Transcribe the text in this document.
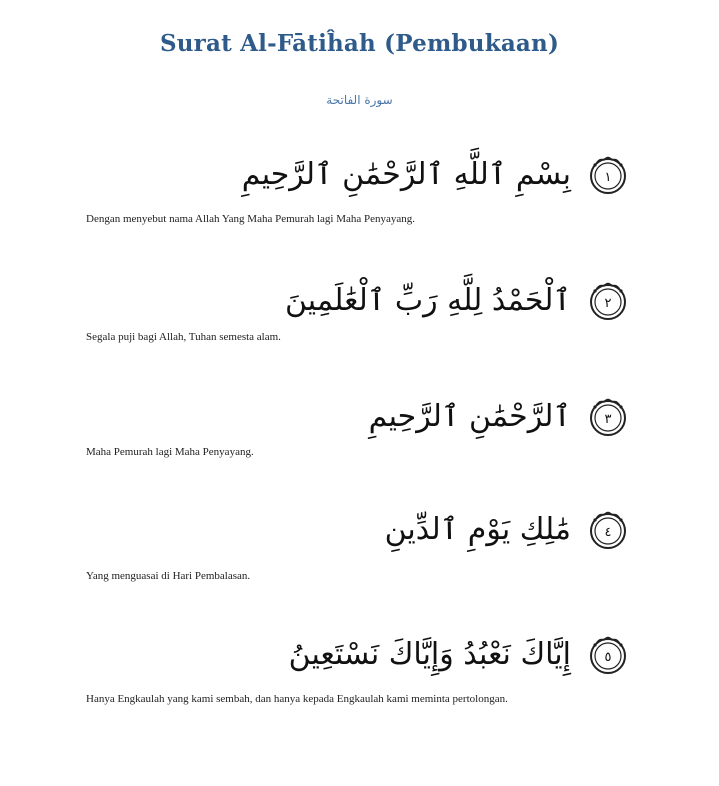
Surat Al-Fātiĥah (Pembukaan)
سورة الفاتحة
١
بِسْمِ ٱللَّهِ ٱلرَّحْمَٰنِ ٱلرَّحِيمِ
Dengan menyebut nama Allah Yang Maha Pemurah lagi Maha Penyayang.
٢
ٱلْحَمْدُ لِلَّهِ رَبِّ ٱلْعَٰلَمِينَ
Segala puji bagi Allah, Tuhan semesta alam.
٣
ٱلرَّحْمَٰنِ ٱلرَّحِيمِ
Maha Pemurah lagi Maha Penyayang.
٤
مَٰلِكِ يَوْمِ ٱلدِّينِ
Yang menguasai di Hari Pembalasan.
٥
إِيَّاكَ نَعْبُدُ وَإِيَّاكَ نَسْتَعِينُ
Hanya Engkaulah yang kami sembah, dan hanya kepada Engkaulah kami meminta pertolongan.
